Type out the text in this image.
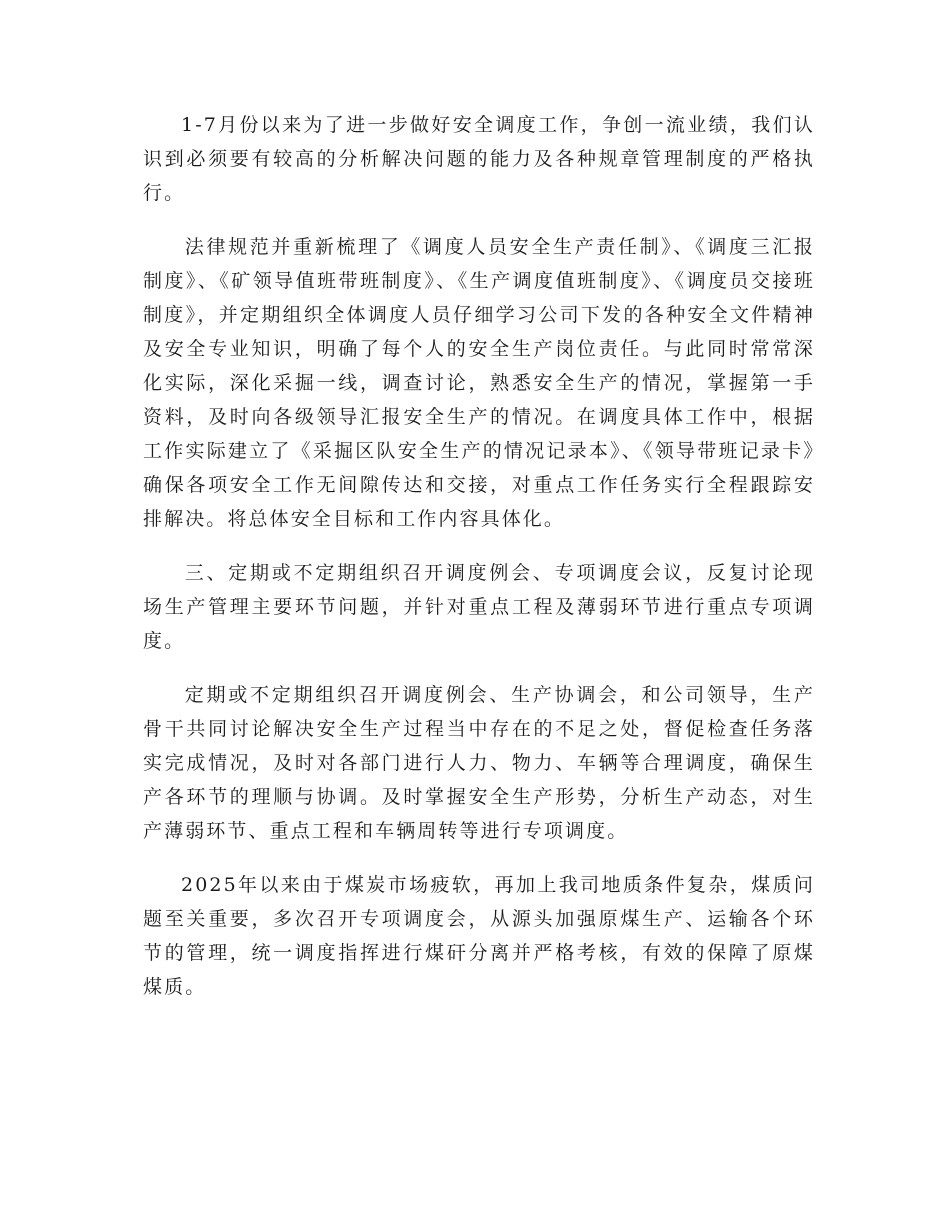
1-7月份以来为了进一步做好安全调度工作，争创一流业绩，我们认识到必须要有较高的分析解决问题的能力及各种规章管理制度的严格执行。

法律规范并重新梳理了《调度人员安全生产责任制》、《调度三汇报制度》、《矿领导值班带班制度》、《生产调度值班制度》、《调度员交接班制度》，并定期组织全体调度人员仔细学习公司下发的各种安全文件精神及安全专业知识，明确了每个人的安全生产岗位责任。与此同时常常深化实际，深化采掘一线，调查讨论，熟悉安全生产的情况，掌握第一手资料，及时向各级领导汇报安全生产的情况。在调度具体工作中，根据工作实际建立了《采掘区队安全生产的情况记录本》、《领导带班记录卡》确保各项安全工作无间隙传达和交接，对重点工作任务实行全程跟踪安排解决。将总体安全目标和工作内容具体化。

三、定期或不定期组织召开调度例会、专项调度会议，反复讨论现场生产管理主要环节问题，并针对重点工程及薄弱环节进行重点专项调度。

定期或不定期组织召开调度例会、生产协调会，和公司领导，生产骨干共同讨论解决安全生产过程当中存在的不足之处，督促检查任务落实完成情况，及时对各部门进行人力、物力、车辆等合理调度，确保生产各环节的理顺与协调。及时掌握安全生产形势，分析生产动态，对生产薄弱环节、重点工程和车辆周转等进行专项调度。

2025年以来由于煤炭市场疲软，再加上我司地质条件复杂，煤质问题至关重要，多次召开专项调度会，从源头加强原煤生产、运输各个环节的管理，统一调度指挥进行煤矸分离并严格考核，有效的保障了原煤煤质。
